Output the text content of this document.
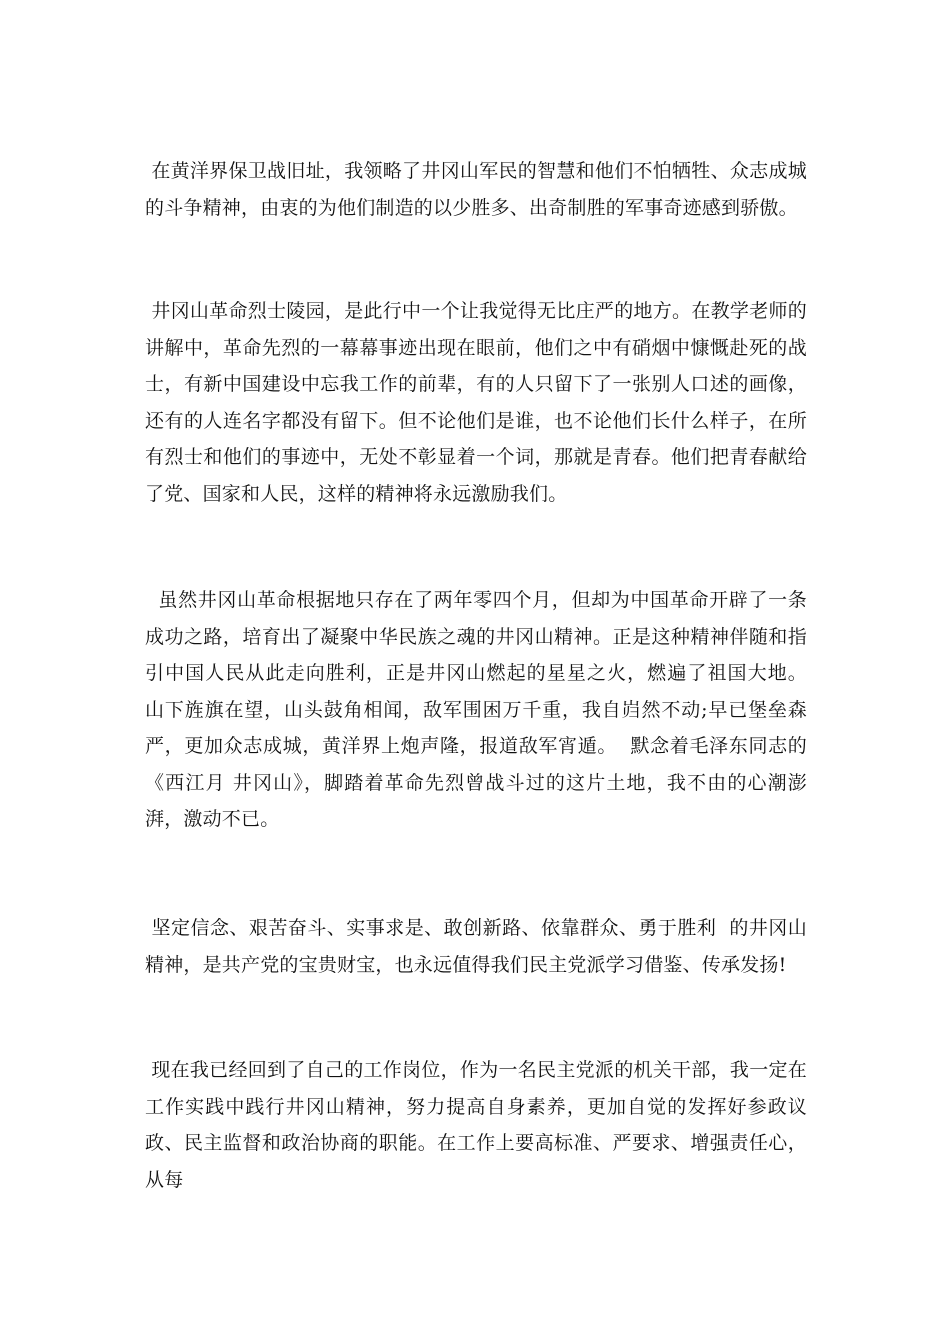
在黄洋界保卫战旧址，我领略了井冈山军民的智慧和他们不怕牺牲、众志成城的斗争精神，由衷的为他们制造的以少胜多、出奇制胜的军事奇迹感到骄傲。

井冈山革命烈士陵园，是此行中一个让我觉得无比庄严的地方。在教学老师的讲解中，革命先烈的一幕幕事迹出现在眼前，他们之中有硝烟中慷慨赴死的战士，有新中国建设中忘我工作的前辈，有的人只留下了一张别人口述的画像，还有的人连名字都没有留下。但不论他们是谁，也不论他们长什么样子，在所有烈士和他们的事迹中，无处不彰显着一个词，那就是青春。他们把青春献给了党、国家和人民，这样的精神将永远激励我们。

虽然井冈山革命根据地只存在了两年零四个月，但却为中国革命开辟了一条成功之路，培育出了凝聚中华民族之魂的井冈山精神。正是这种精神伴随和指引中国人民从此走向胜利，正是井冈山燃起的星星之火，燃遍了祖国大地。  山下旌旗在望，山头鼓角相闻，敌军围困万千重，我自岿然不动;早已堡垒森严，更加众志成城，黄洋界上炮声隆，报道敌军宵遁。  默念着毛泽东同志的《西江月 井冈山》，脚踏着革命先烈曾战斗过的这片土地，我不由的心潮澎湃，激动不已。

坚定信念、艰苦奋斗、实事求是、敢创新路、依靠群众、勇于胜利  的井冈山精神，是共产党的宝贵财宝，也永远值得我们民主党派学习借鉴、传承发扬!

现在我已经回到了自己的工作岗位，作为一名民主党派的机关干部，我一定在工作实践中践行井冈山精神，努力提高自身素养，更加自觉的发挥好参政议政、民主监督和政治协商的职能。在工作上要高标准、严要求、增强责任心，从每
